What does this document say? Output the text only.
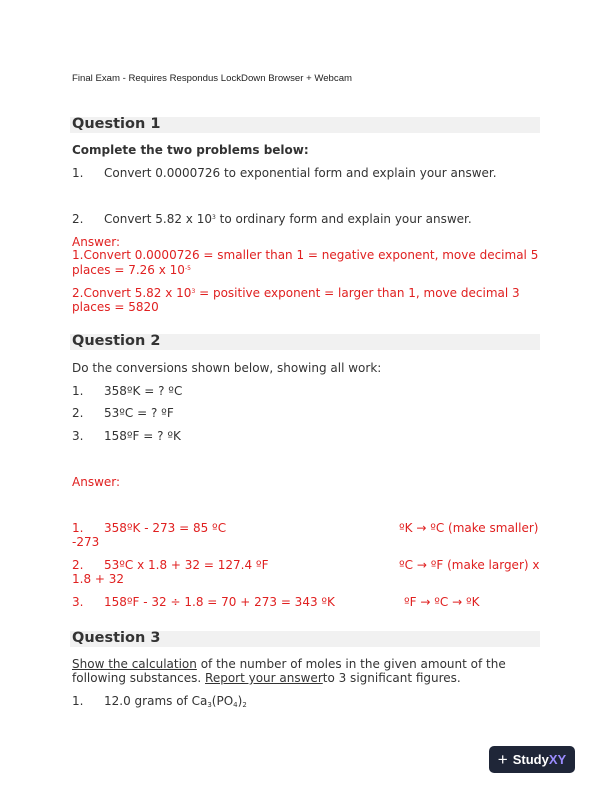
Final Exam - Requires Respondus LockDown Browser + Webcam
Question 1
Complete the two problems below:
1. Convert 0.0000726 to exponential form and explain your answer.
2. Convert 5.82 x $10^3$ to ordinary form and explain your answer.
Answer:
1.Convert 0.0000726 = smaller than 1 = negative exponent, move decimal 5 places = 7.26 x $10^{-5}$
2.Convert 5.82 x $10^3$ = positive exponent = larger than 1, move decimal 3 places = 5820
Question 2
Do the conversions shown below, showing all work:
1. 358ºK = ? ºC
2. 53ºC = ? ºF
3. 158ºF = ? ºK
Answer:
1. 358ºK - 273 = 85 ºC	ºK → ºC (make smaller)
-273
2. 53ºC x 1.8 + 32 = 127.4 ºF	ºC → ºF (make larger) x
1.8 + 32
3. 158ºF - 32 ÷ 1.8 = 70 + 273 = 343 ºK	ºF → ºC → ºK
Question 3
Show the calculation of the number of moles in the given amount of the following substances. Report your answerto 3 significant figures.
1. 12.0 grams of $Ca_3(PO_4)_2$
+ StudyXY
